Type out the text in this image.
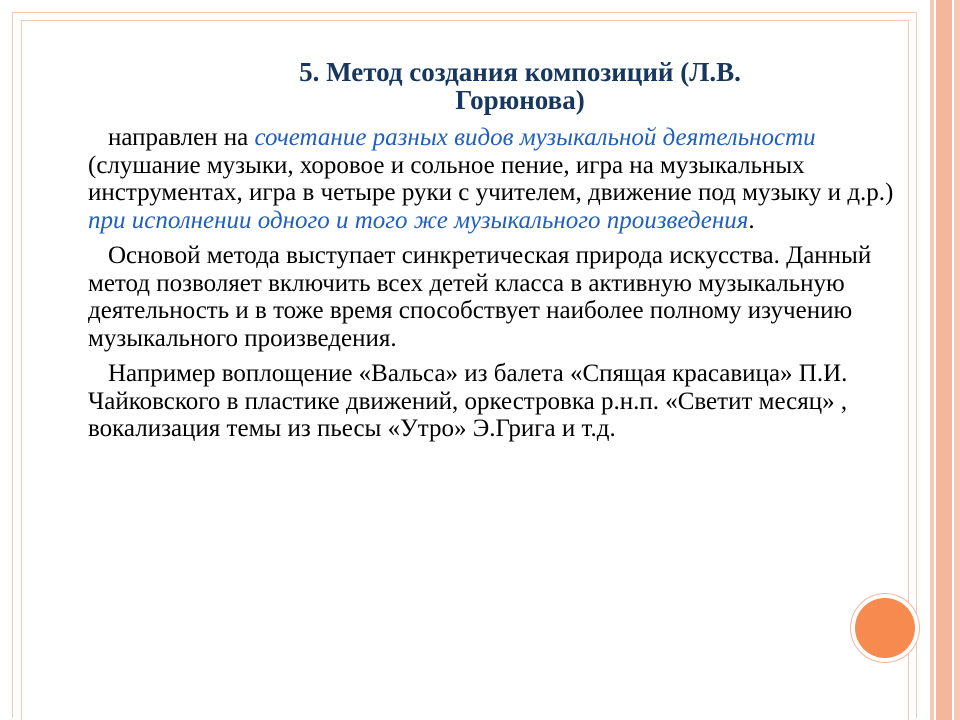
5. Метод создания композиций (Л.В.
Горюнова)

направлен на сочетание разных видов музыкальной деятельности (слушание музыки, хоровое и сольное пение, игра на музыкальных инструментах, игра в четыре руки с учителем, движение под музыку и д.р.) при исполнении одного и того же музыкального произведения.

Основой метода выступает синкретическая природа искусства. Данный метод позволяет включить всех детей класса в активную музыкальную деятельность и в тоже время способствует наиболее полному изучению музыкального произведения.

Например воплощение «Вальса» из балета «Спящая красавица» П.И. Чайковского в пластике движений, оркестровка р.н.п. «Светит месяц» , вокализация темы из пьесы «Утро» Э.Грига и т.д.
